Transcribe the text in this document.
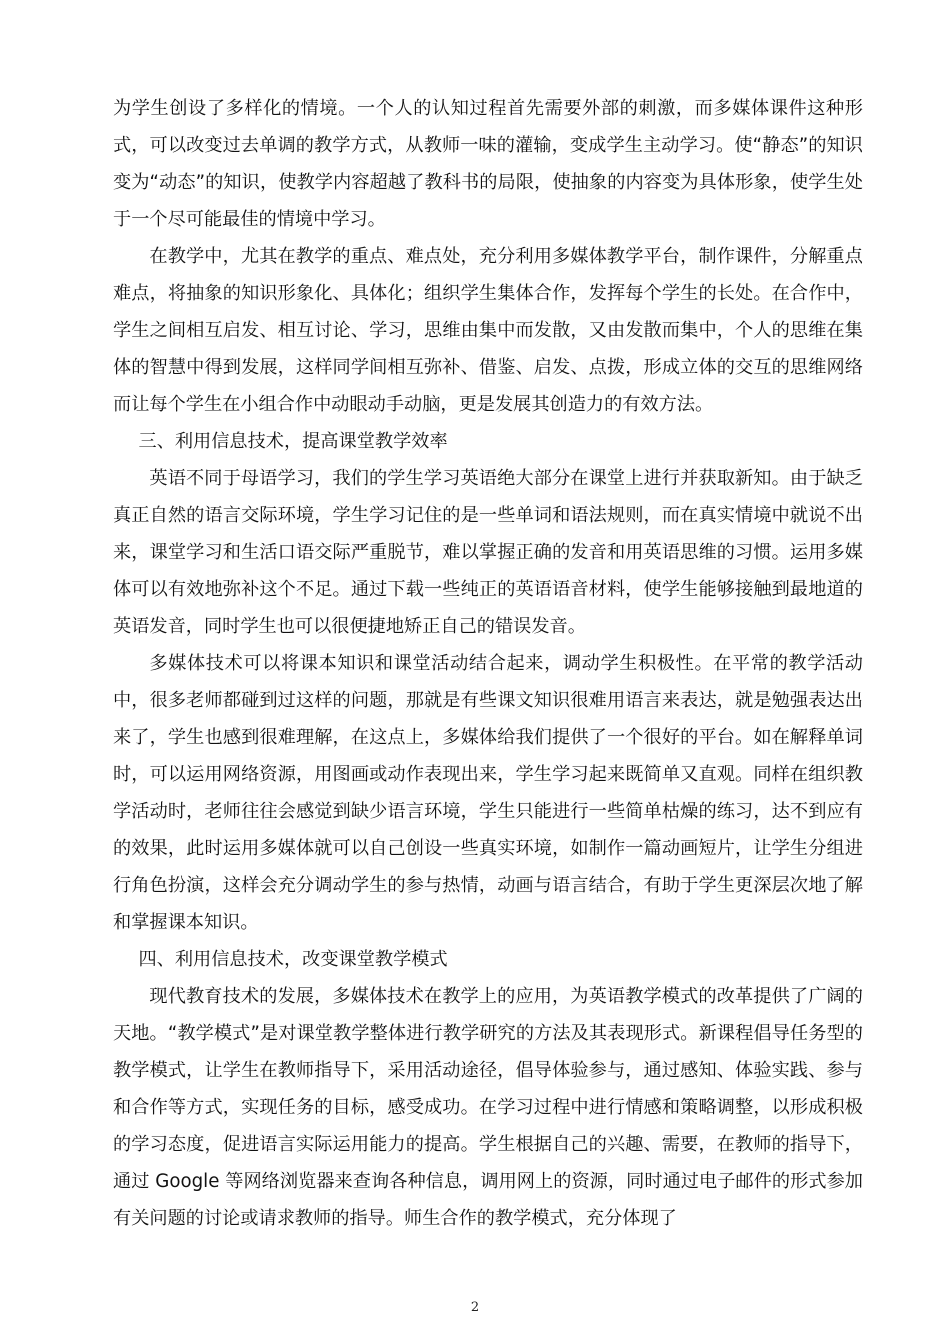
为学生创设了多样化的情境。一个人的认知过程首先需要外部的刺激，而多媒体课件这种形式，可以改变过去单调的教学方式，从教师一味的灌输，变成学生主动学习。使“静态”的知识变为“动态”的知识，使教学内容超越了教科书的局限，使抽象的内容变为具体形象，使学生处于一个尽可能最佳的情境中学习。

在教学中，尤其在教学的重点、难点处，充分利用多媒体教学平台，制作课件，分解重点难点，将抽象的知识形象化、具体化；组织学生集体合作，发挥每个学生的长处。在合作中，学生之间相互启发、相互讨论、学习，思维由集中而发散，又由发散而集中，个人的思维在集体的智慧中得到发展，这样同学间相互弥补、借鉴、启发、点拨，形成立体的交互的思维网络而让每个学生在小组合作中动眼动手动脑，更是发展其创造力的有效方法。

三、利用信息技术，提高课堂教学效率

英语不同于母语学习，我们的学生学习英语绝大部分在课堂上进行并获取新知。由于缺乏真正自然的语言交际环境，学生学习记住的是一些单词和语法规则，而在真实情境中就说不出来，课堂学习和生活口语交际严重脱节，难以掌握正确的发音和用英语思维的习惯。运用多媒体可以有效地弥补这个不足。通过下载一些纯正的英语语音材料，使学生能够接触到最地道的英语发音，同时学生也可以很便捷地矫正自己的错误发音。

多媒体技术可以将课本知识和课堂活动结合起来，调动学生积极性。在平常的教学活动中，很多老师都碰到过这样的问题，那就是有些课文知识很难用语言来表达，就是勉强表达出来了，学生也感到很难理解，在这点上，多媒体给我们提供了一个很好的平台。如在解释单词时，可以运用网络资源，用图画或动作表现出来，学生学习起来既简单又直观。同样在组织教学活动时，老师往往会感觉到缺少语言环境，学生只能进行一些简单枯燥的练习，达不到应有的效果，此时运用多媒体就可以自己创设一些真实环境，如制作一篇动画短片，让学生分组进行角色扮演，这样会充分调动学生的参与热情，动画与语言结合，有助于学生更深层次地了解和掌握课本知识。

四、利用信息技术，改变课堂教学模式

现代教育技术的发展，多媒体技术在教学上的应用，为英语教学模式的改革提供了广阔的天地。“教学模式”是对课堂教学整体进行教学研究的方法及其表现形式。新课程倡导任务型的教学模式，让学生在教师指导下，采用活动途径，倡导体验参与，通过感知、体验实践、参与和合作等方式，实现任务的目标，感受成功。在学习过程中进行情感和策略调整，以形成积极的学习态度，促进语言实际运用能力的提高。学生根据自己的兴趣、需要，在教师的指导下，通过 Google 等网络浏览器来查询各种信息，调用网上的资源，同时通过电子邮件的形式参加有关问题的讨论或请求教师的指导。师生合作的教学模式，充分体现了

2
